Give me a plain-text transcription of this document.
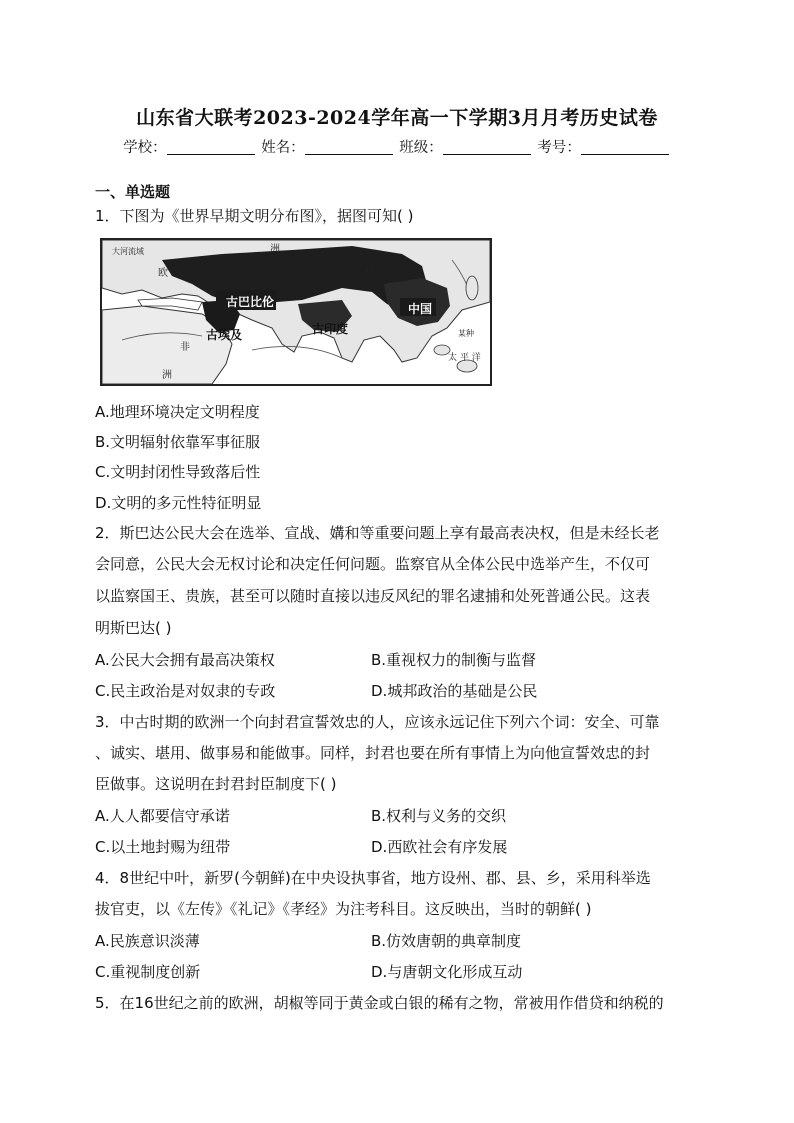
山东省大联考2023-2024学年高一下学期3月月考历史试卷
学校：	姓名：	班级：	考号：
一、单选题
1．下图为《世界早期文明分布图》，据图可知( )
古巴比伦
古埃及	古印度
中国
洲
欧
非
洲
亚
太 平 洋
某种
大河流域
A.地理环境决定文明程度
B.文明辐射依靠军事征服
C.文明封闭性导致落后性
D.文明的多元性特征明显
2．斯巴达公民大会在选举、宣战、媾和等重要问题上享有最高表决权，但是未经长老
会同意，公民大会无权讨论和决定任何问题。监察官从全体公民中选举产生，不仅可
以监察国王、贵族，甚至可以随时直接以违反风纪的罪名逮捕和处死普通公民。这表
明斯巴达( )
A.公民大会拥有最高决策权	B.重视权力的制衡与监督
C.民主政治是对奴隶的专政	D.城邦政治的基础是公民
3．中古时期的欧洲一个向封君宣誓效忠的人，应该永远记住下列六个词：安全、可靠
、诚实、堪用、做事易和能做事。同样，封君也要在所有事情上为向他宣誓效忠的封
臣做事。这说明在封君封臣制度下( )
A.人人都要信守承诺	B.权利与义务的交织
C.以土地封赐为纽带	D.西欧社会有序发展
4．8世纪中叶，新罗(今朝鲜)在中央设执事省，地方设州、郡、县、乡，采用科举选
拔官吏，以《左传》《礼记》《孝经》为注考科目。这反映出，当时的朝鲜( )
A.民族意识淡薄	B.仿效唐朝的典章制度
C.重视制度创新	D.与唐朝文化形成互动
5．在16世纪之前的欧洲，胡椒等同于黄金或白银的稀有之物，常被用作借贷和纳税的
